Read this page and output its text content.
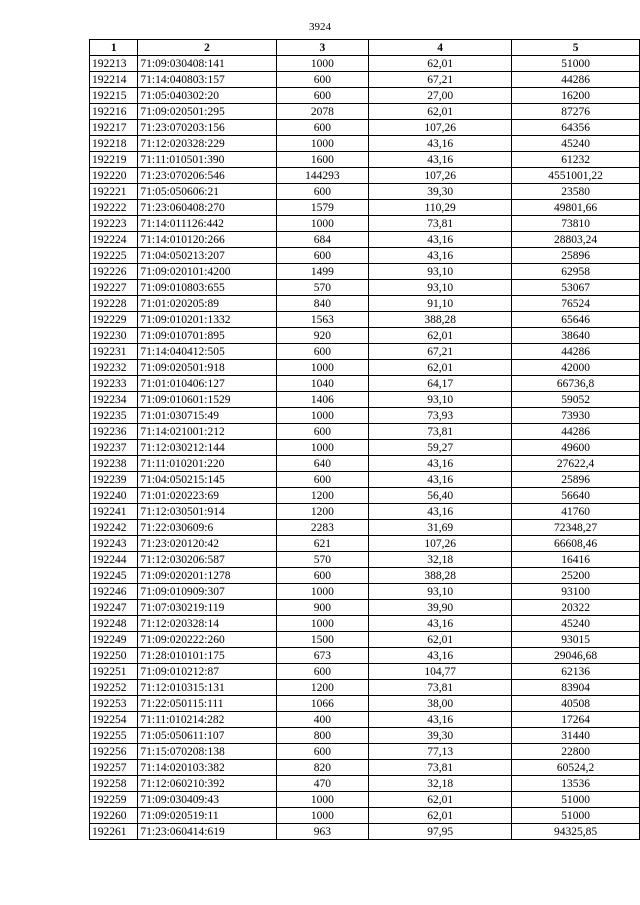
3924
1	2	3	4	5
192213	71:09:030408:141	1000	62,01	51000
192214	71:14:040803:157	600	67,21	44286
192215	71:05:040302:20	600	27,00	16200
192216	71:09:020501:295	2078	62,01	87276
192217	71:23:070203:156	600	107,26	64356
192218	71:12:020328:229	1000	43,16	45240
192219	71:11:010501:390	1600	43,16	61232
192220	71:23:070206:546	144293	107,26	4551001,22
192221	71:05:050606:21	600	39,30	23580
192222	71:23:060408:270	1579	110,29	49801,66
192223	71:14:011126:442	1000	73,81	73810
192224	71:14:010120:266	684	43,16	28803,24
192225	71:04:050213:207	600	43,16	25896
192226	71:09:020101:4200	1499	93,10	62958
192227	71:09:010803:655	570	93,10	53067
192228	71:01:020205:89	840	91,10	76524
192229	71:09:010201:1332	1563	388,28	65646
192230	71:09:010701:895	920	62,01	38640
192231	71:14:040412:505	600	67,21	44286
192232	71:09:020501:918	1000	62,01	42000
192233	71:01:010406:127	1040	64,17	66736,8
192234	71:09:010601:1529	1406	93,10	59052
192235	71:01:030715:49	1000	73,93	73930
192236	71:14:021001:212	600	73,81	44286
192237	71:12:030212:144	1000	59,27	49600
192238	71:11:010201:220	640	43,16	27622,4
192239	71:04:050215:145	600	43,16	25896
192240	71:01:020223:69	1200	56,40	56640
192241	71:12:030501:914	1200	43,16	41760
192242	71:22:030609:6	2283	31,69	72348,27
192243	71:23:020120:42	621	107,26	66608,46
192244	71:12:030206:587	570	32,18	16416
192245	71:09:020201:1278	600	388,28	25200
192246	71:09:010909:307	1000	93,10	93100
192247	71:07:030219:119	900	39,90	20322
192248	71:12:020328:14	1000	43,16	45240
192249	71:09:020222:260	1500	62,01	93015
192250	71:28:010101:175	673	43,16	29046,68
192251	71:09:010212:87	600	104,77	62136
192252	71:12:010315:131	1200	73,81	83904
192253	71:22:050115:111	1066	38,00	40508
192254	71:11:010214:282	400	43,16	17264
192255	71:05:050611:107	800	39,30	31440
192256	71:15:070208:138	600	77,13	22800
192257	71:14:020103:382	820	73,81	60524,2
192258	71:12:060210:392	470	32,18	13536
192259	71:09:030409:43	1000	62,01	51000
192260	71:09:020519:11	1000	62,01	51000
192261	71:23:060414:619	963	97,95	94325,85
